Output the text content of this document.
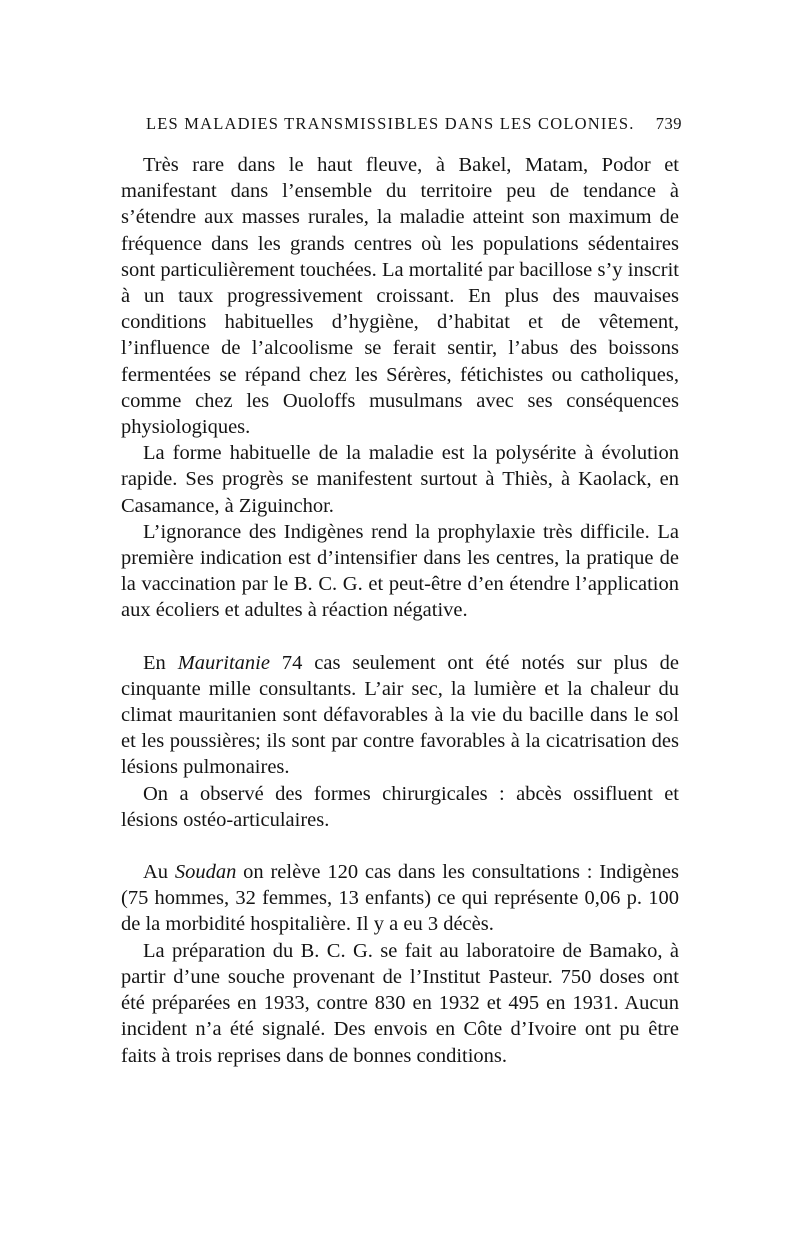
LES MALADIES TRANSMISSIBLES DANS LES COLONIES. 739

Très rare dans le haut fleuve, à Bakel, Matam, Podor et manifestant dans l’ensemble du territoire peu de tendance à s’étendre aux masses rurales, la maladie atteint son maximum de fréquence dans les grands centres où les populations sédentaires sont particulièrement touchées. La mortalité par bacillose s’y inscrit à un taux progressivement croissant. En plus des mauvaises conditions habituelles d’hygiène, d’habitat et de vêtement, l’influence de l’alcoolisme se ferait sentir, l’abus des boissons fermentées se répand chez les Sérères, fétichistes ou catholiques, comme chez les Ouoloffs musulmans avec ses conséquences physiologiques.

La forme habituelle de la maladie est la polysérite à évolution rapide. Ses progrès se manifestent surtout à Thiès, à Kaolack, en Casamance, à Ziguinchor.

L’ignorance des Indigènes rend la prophylaxie très difficile. La première indication est d’intensifier dans les centres, la pratique de la vaccination par le B. C. G. et peut-être d’en étendre l’application aux écoliers et adultes à réaction négative.

En Mauritanie 74 cas seulement ont été notés sur plus de cinquante mille consultants. L’air sec, la lumière et la chaleur du climat mauritanien sont défavorables à la vie du bacille dans le sol et les poussières; ils sont par contre favorables à la cicatrisation des lésions pulmonaires.

On a observé des formes chirurgicales : abcès ossifluent et lésions ostéo-articulaires.

Au Soudan on relève 120 cas dans les consultations : Indigènes (75 hommes, 32 femmes, 13 enfants) ce qui représente 0,06 p. 100 de la morbidité hospitalière. Il y a eu 3 décès.

La préparation du B. C. G. se fait au laboratoire de Bamako, à partir d’une souche provenant de l’Institut Pasteur. 750 doses ont été préparées en 1933, contre 830 en 1932 et 495 en 1931. Aucun incident n’a été signalé. Des envois en Côte d’Ivoire ont pu être faits à trois reprises dans de bonnes conditions.
